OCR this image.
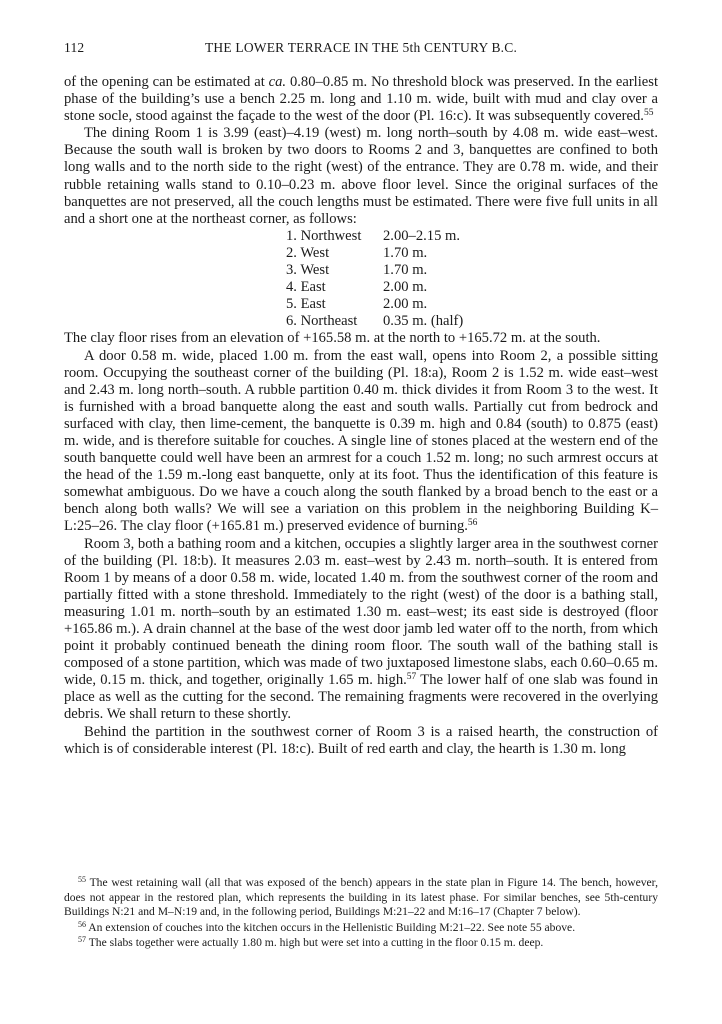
112	THE LOWER TERRACE IN THE 5th CENTURY B.C.

of the opening can be estimated at ca. 0.80–0.85 m. No threshold block was preserved. In the earliest phase of the building’s use a bench 2.25 m. long and 1.10 m. wide, built with mud and clay over a stone socle, stood against the façade to the west of the door (Pl. 16:c). It was subsequently covered.$^{55}$

The dining Room 1 is 3.99 (east)–4.19 (west) m. long north–south by 4.08 m. wide east–west. Because the south wall is broken by two doors to Rooms 2 and 3, banquettes are confined to both long walls and to the north side to the right (west) of the entrance. They are 0.78 m. wide, and their rubble retaining walls stand to 0.10–0.23 m. above floor level. Since the original surfaces of the banquettes are not preserved, all the couch lengths must be estimated. There were five full units in all and a short one at the northeast corner, as follows:

1. Northwest	2.00–2.15 m.
2. West	1.70 m.
3. West	1.70 m.
4. East	2.00 m.
5. East	2.00 m.
6. Northeast	0.35 m. (half)

The clay floor rises from an elevation of +165.58 m. at the north to +165.72 m. at the south.

A door 0.58 m. wide, placed 1.00 m. from the east wall, opens into Room 2, a possible sitting room. Occupying the southeast corner of the building (Pl. 18:a), Room 2 is 1.52 m. wide east–west and 2.43 m. long north–south. A rubble partition 0.40 m. thick divides it from Room 3 to the west. It is furnished with a broad banquette along the east and south walls. Partially cut from bedrock and surfaced with clay, then lime-cement, the banquette is 0.39 m. high and 0.84 (south) to 0.875 (east) m. wide, and is therefore suitable for couches. A single line of stones placed at the western end of the south banquette could well have been an armrest for a couch 1.52 m. long; no such armrest occurs at the head of the 1.59 m.-long east banquette, only at its foot. Thus the identification of this feature is somewhat ambiguous. Do we have a couch along the south flanked by a broad bench to the east or a bench along both walls? We will see a variation on this problem in the neighboring Building K–L:25–26. The clay floor (+165.81 m.) preserved evidence of burning.$^{56}$

Room 3, both a bathing room and a kitchen, occupies a slightly larger area in the southwest corner of the building (Pl. 18:b). It measures 2.03 m. east–west by 2.43 m. north–south. It is entered from Room 1 by means of a door 0.58 m. wide, located 1.40 m. from the southwest corner of the room and partially fitted with a stone threshold. Immediately to the right (west) of the door is a bathing stall, measuring 1.01 m. north–south by an estimated 1.30 m. east–west; its east side is destroyed (floor +165.86 m.). A drain channel at the base of the west door jamb led water off to the north, from which point it probably continued beneath the dining room floor. The south wall of the bathing stall is composed of a stone partition, which was made of two juxtaposed limestone slabs, each 0.60–0.65 m. wide, 0.15 m. thick, and together, originally 1.65 m. high.$^{57}$ The lower half of one slab was found in place as well as the cutting for the second. The remaining fragments were recovered in the overlying debris. We shall return to these shortly.

Behind the partition in the southwest corner of Room 3 is a raised hearth, the construction of which is of considerable interest (Pl. 18:c). Built of red earth and clay, the hearth is 1.30 m. long

$^{55}$ The west retaining wall (all that was exposed of the bench) appears in the state plan in Figure 14. The bench, however, does not appear in the restored plan, which represents the building in its latest phase. For similar benches, see 5th-century Buildings N:21 and M–N:19 and, in the following period, Buildings M:21–22 and M:16–17 (Chapter 7 below).

$^{56}$ An extension of couches into the kitchen occurs in the Hellenistic Building M:21–22. See note 55 above.

$^{57}$ The slabs together were actually 1.80 m. high but were set into a cutting in the floor 0.15 m. deep.
